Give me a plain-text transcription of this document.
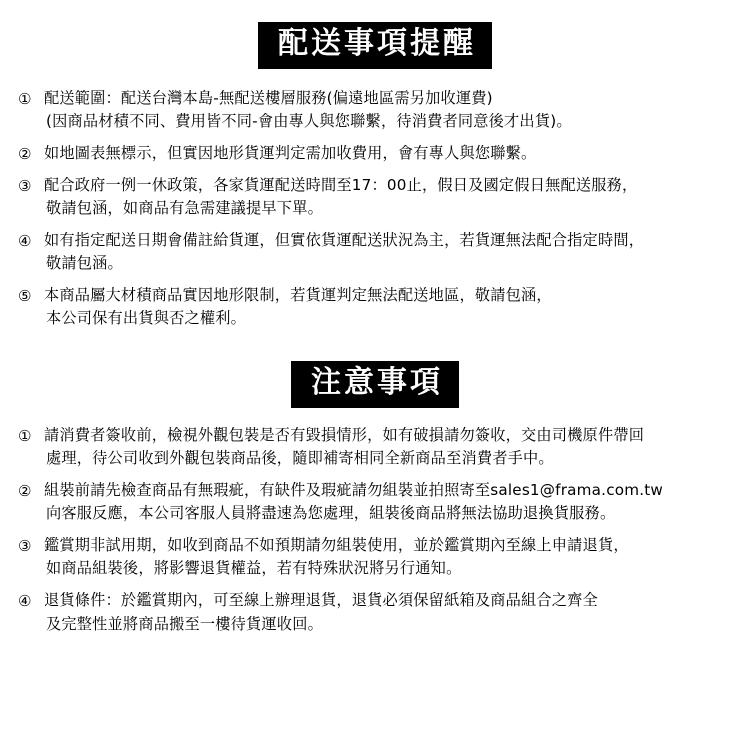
配送事項提醒
① 配送範圍：配送台灣本島-無配送樓層服務(偏遠地區需另加收運費)
(因商品材積不同、費用皆不同-會由專人與您聯繫，待消費者同意後才出貨)。
② 如地圖表無標示，但實因地形貨運判定需加收費用，會有專人與您聯繫。
③ 配合政府一例一休政策，各家貨運配送時間至17：00止，假日及國定假日無配送服務，
敬請包涵，如商品有急需建議提早下單。
④ 如有指定配送日期會備註給貨運，但實依貨運配送狀況為主，若貨運無法配合指定時間，
敬請包涵。
⑤ 本商品屬大材積商品實因地形限制，若貨運判定無法配送地區，敬請包涵，
本公司保有出貨與否之權利。
注意事項
① 請消費者簽收前，檢視外觀包裝是否有毀損情形，如有破損請勿簽收，交由司機原件帶回
處理，待公司收到外觀包裝商品後，隨即補寄相同全新商品至消費者手中。
② 組裝前請先檢查商品有無瑕疵，有缺件及瑕疵請勿組裝並拍照寄至sales1@frama.com.tw
向客服反應，本公司客服人員將盡速為您處理，組裝後商品將無法協助退換貨服務。
③ 鑑賞期非試用期，如收到商品不如預期請勿組裝使用，並於鑑賞期內至線上申請退貨，
如商品組裝後，將影響退貨權益，若有特殊狀況將另行通知。
④ 退貨條件：於鑑賞期內，可至線上辦理退貨，退貨必須保留紙箱及商品組合之齊全
及完整性並將商品搬至一樓待貨運收回。
